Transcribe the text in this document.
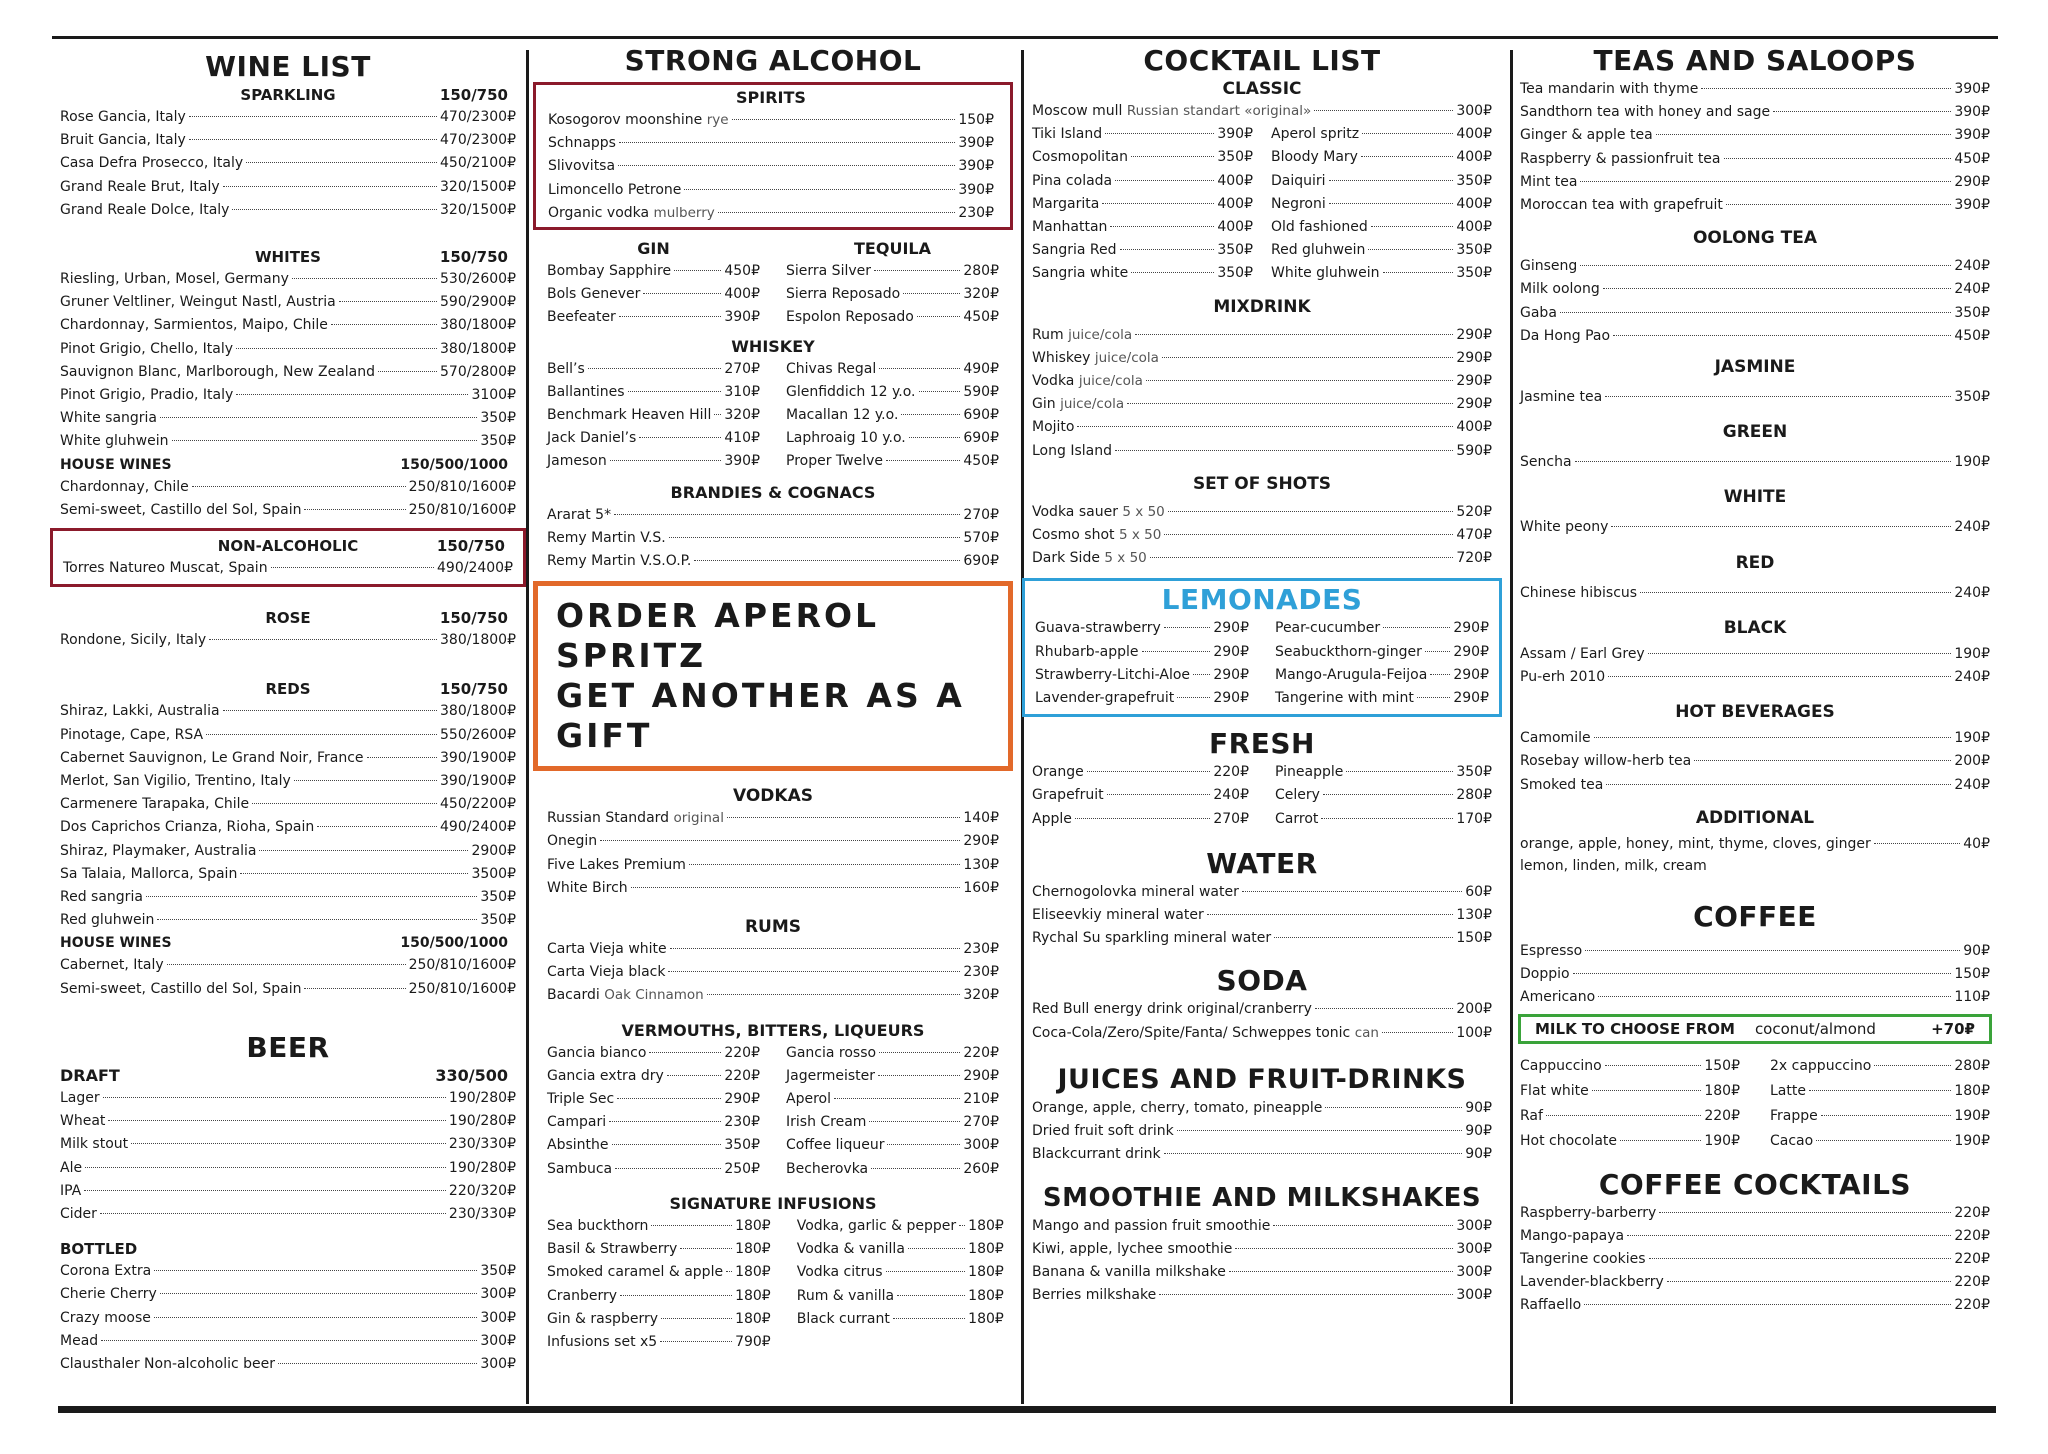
WINE LIST
SPARKLING	150/750
Rose Gancia, Italy	470/2300₽
Bruit Gancia, Italy	470/2300₽
Casa Defra Prosecco, Italy	450/2100₽
Grand Reale Brut, Italy	320/1500₽
Grand Reale Dolce, Italy	320/1500₽
WHITES	150/750
Riesling, Urban, Mosel, Germany	530/2600₽
Gruner Veltliner, Weingut Nastl, Austria	590/2900₽
Chardonnay, Sarmientos, Maipo, Chile	380/1800₽
Pinot Grigio, Chello, Italy	380/1800₽
Sauvignon Blanc, Marlborough, New Zealand	570/2800₽
Pinot Grigio, Pradio, Italy	3100₽
White sangria	350₽
White gluhwein	350₽
HOUSE WINES	150/500/1000
Chardonnay, Chile	250/810/1600₽
Semi-sweet, Castillo del Sol, Spain	250/810/1600₽
NON-ALCOHOLIC	150/750
Torres Natureo Muscat, Spain	490/2400₽
ROSE	150/750
Rondone, Sicily, Italy	380/1800₽
REDS	150/750
Shiraz, Lakki, Australia	380/1800₽
Pinotage, Cape, RSA	550/2600₽
Cabernet Sauvignon, Le Grand Noir, France	390/1900₽
Merlot, San Vigilio, Trentino, Italy	390/1900₽
Carmenere Tarapaka, Chile	450/2200₽
Dos Caprichos Crianza, Rioha, Spain	490/2400₽
Shiraz, Playmaker, Australia	2900₽
Sa Talaia, Mallorca, Spain	3500₽
Red sangria	350₽
Red gluhwein	350₽
HOUSE WINES	150/500/1000
Cabernet, Italy	250/810/1600₽
Semi-sweet, Castillo del Sol, Spain	250/810/1600₽
BEER
DRAFT	330/500
Lager	190/280₽
Wheat	190/280₽
Milk stout	230/330₽
Ale	190/280₽
IPA	220/320₽
Cider	230/330₽
BOTTLED
Corona Extra	350₽
Cherie Cherry	300₽
Crazy moose	300₽
Mead	300₽
Clausthaler Non-alcoholic beer	300₽
STRONG ALCOHOL
SPIRITS
Kosogorov moonshine rye	150₽
Schnapps	390₽
Slivovitsa	390₽
Limoncello Petrone	390₽
Organic vodka mulberry	230₽
GIN
Bombay Sapphire	450₽
Bols Genever	400₽
Beefeater	390₽
TEQUILA
Sierra Silver	280₽
Sierra Reposado	320₽
Espolon Reposado	450₽
WHISKEY
Bell’s	270₽
Ballantines	310₽
Benchmark Heaven Hill 320₽
Jack Daniel’s	410₽
Jameson	390₽
Chivas Regal	490₽
Glenfiddich 12 y.o.	590₽
Macallan 12 y.o.	690₽
Laphroaig 10 y.o.	690₽
Proper Twelve	450₽
BRANDIES & COGNACS
Ararat 5*	270₽
Remy Martin V.S.	570₽
Remy Martin V.S.O.P.	690₽
ORDER APEROL SPRITZ
GET ANOTHER AS A GIFT
VODKAS
Russian Standard original	140₽
Onegin	290₽
Five Lakes Premium	130₽
White Birch	160₽
RUMS
Carta Vieja white	230₽
Carta Vieja black	230₽
Bacardi Oak Cinnamon	320₽
VERMOUTHS, BITTERS, LIQUEURS
Gancia bianco	220₽
Gancia extra dry	220₽
Triple Sec	290₽
Campari	230₽
Absinthe	350₽
Sambuca	250₽
Gancia rosso	220₽
Jagermeister	290₽
Aperol	210₽
Irish Cream	270₽
Coffee liqueur	300₽
Becherovka	260₽
SIGNATURE INFUSIONS
Sea buckthorn	180₽
Basil & Strawberry	180₽
Smoked caramel & apple 180₽
Cranberry	180₽
Gin & raspberry	180₽
Infusions set x5	790₽
Vodka, garlic & pepper 180₽
Vodka & vanilla	180₽
Vodka citrus	180₽
Rum & vanilla	180₽
Black currant	180₽
COCKTAIL LIST
CLASSIC
Moscow mull Russian standart «original»	300₽
Tiki Island	390₽
Cosmopolitan	350₽
Pina colada	400₽
Margarita	400₽
Manhattan	400₽
Sangria Red	350₽
Sangria white	350₽
Aperol spritz	400₽
Bloody Mary	400₽
Daiquiri	350₽
Negroni	400₽
Old fashioned	400₽
Red gluhwein	350₽
White gluhwein	350₽
MIXDRINK
Rum juice/cola	290₽
Whiskey juice/cola	290₽
Vodka juice/cola	290₽
Gin juice/cola	290₽
Mojito	400₽
Long Island	590₽
SET OF SHOTS
Vodka sauer 5 x 50	520₽
Cosmo shot 5 x 50	470₽
Dark Side 5 x 50	720₽
LEMONADES
Guava-strawberry	290₽
Rhubarb-apple	290₽
Strawberry-Litchi-Aloe 290₽
Lavender-grapefruit	290₽
Pear-cucumber	290₽
Seabuckthorn-ginger 290₽
Mango-Arugula-Feijoa 290₽
Tangerine with mint	290₽
FRESH
Orange	220₽
Grapefruit	240₽
Apple	270₽
Pineapple	350₽
Celery	280₽
Carrot	170₽
WATER
Chernogolovka mineral water	60₽
Eliseevkiy mineral water	130₽
Rychal Su sparkling mineral water	150₽
SODA
Red Bull energy drink original/cranberry	200₽
Coca-Cola/Zero/Spite/Fanta/ Schweppes tonic can	100₽
JUICES AND FRUIT-DRINKS
Orange, apple, cherry, tomato, pineapple	90₽
Dried fruit soft drink	90₽
Blackcurrant drink	90₽
SMOOTHIE AND MILKSHAKES
Mango and passion fruit smoothie	300₽
Kiwi, apple, lychee smoothie	300₽
Banana & vanilla milkshake	300₽
Berries milkshake	300₽
TEAS AND SALOOPS
Tea mandarin with thyme	390₽
Sandthorn tea with honey and sage	390₽
Ginger & apple tea	390₽
Raspberry & passionfruit tea	450₽
Mint tea	290₽
Moroccan tea with grapefruit	390₽
OOLONG TEA
Ginseng	240₽
Milk oolong	240₽
Gaba	350₽
Da Hong Pao	450₽
JASMINE
Jasmine tea	350₽
GREEN
Sencha	190₽
WHITE
White peony	240₽
RED
Chinese hibiscus	240₽
BLACK
Assam / Earl Grey	190₽
Pu-erh 2010	240₽
HOT BEVERAGES
Camomile	190₽
Rosebay willow-herb tea	200₽
Smoked tea	240₽
ADDITIONAL
orange, apple, honey, mint, thyme, cloves, ginger	40₽
lemon, linden, milk, cream
COFFEE
Espresso	90₽
Doppio	150₽
Americano	110₽
MILK TO CHOOSE FROM coconut/almond	+70₽
Cappuccino	150₽
Flat white	180₽
Raf	220₽
Hot chocolate	190₽
2x cappuccino	280₽
Latte	180₽
Frappe	190₽
Cacao	190₽
COFFEE COCKTAILS
Raspberry-barberry	220₽
Mango-papaya	220₽
Tangerine cookies	220₽
Lavender-blackberry	220₽
Raffaello	220₽
